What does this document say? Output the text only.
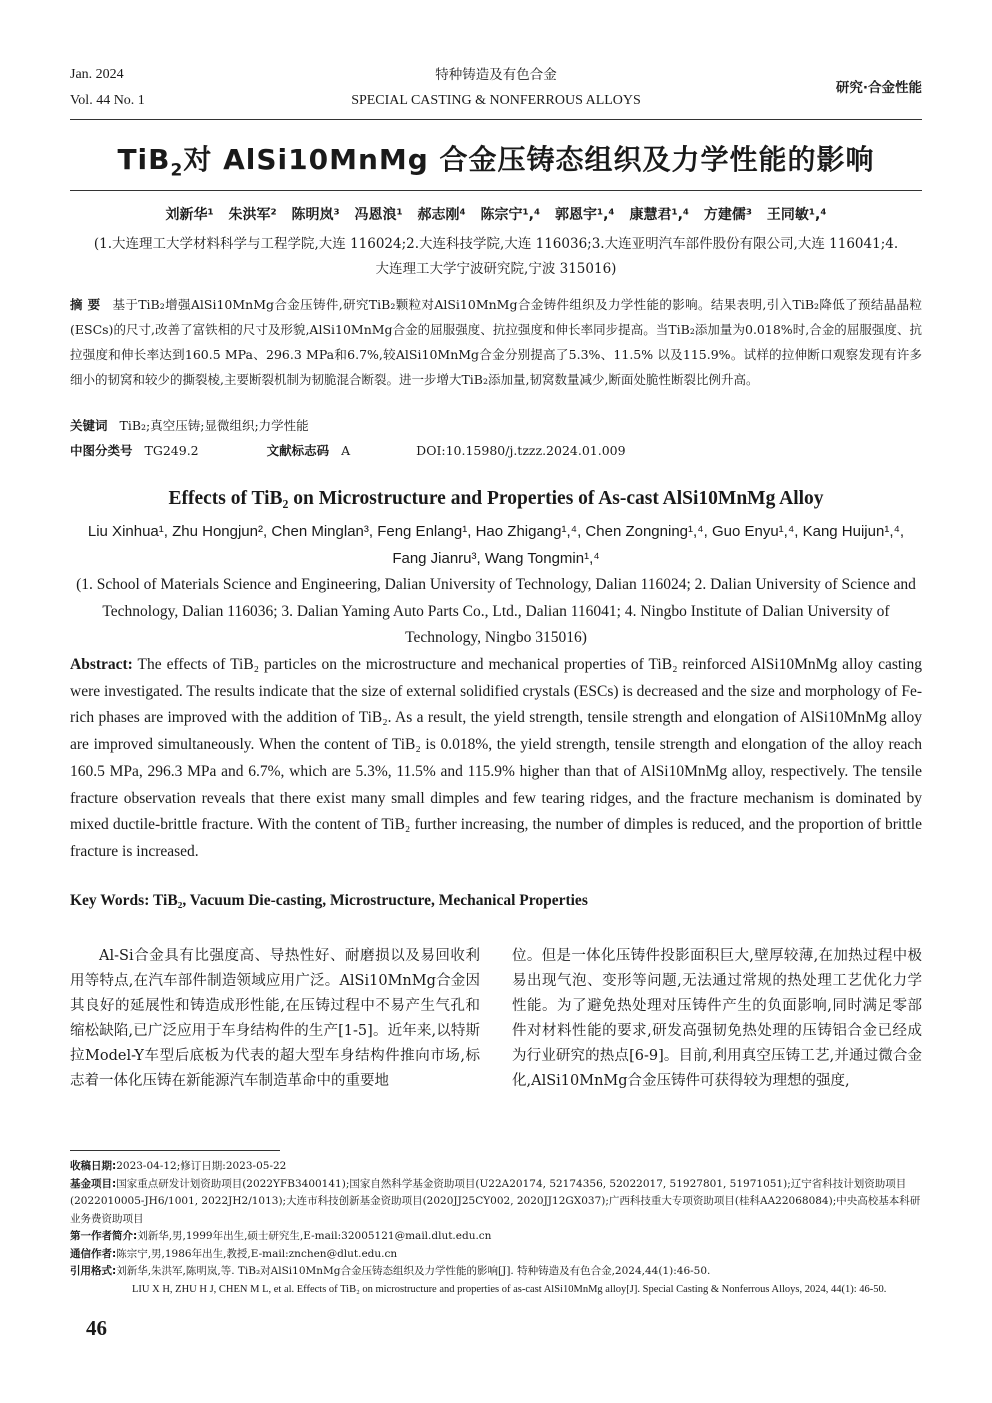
Jan. 2024
Vol. 44 No. 1
特种铸造及有色合金
SPECIAL CASTING & NONFERROUS ALLOYS
研究·合金性能
TiB$_2$对 AlSi10MnMg 合金压铸态组织及力学性能的影响
刘新华¹ 朱洪军² 陈明岚³ 冯恩浪¹ 郝志刚⁴ 陈宗宁¹,⁴ 郭恩宇¹,⁴ 康慧君¹,⁴ 方建儒³ 王同敏¹,⁴
(1.大连理工大学材料科学与工程学院,大连 116024;2.大连科技学院,大连 116036;3.大连亚明汽车部件股份有限公司,大连 116041;4.大连理工大学宁波研究院,宁波 315016)
摘 要 基于TiB₂增强AlSi10MnMg合金压铸件,研究TiB₂颗粒对AlSi10MnMg合金铸件组织及力学性能的影响。结果表明,引入TiB₂降低了预结晶晶粒(ESCs)的尺寸,改善了富铁相的尺寸及形貌,AlSi10MnMg合金的屈服强度、抗拉强度和伸长率同步提高。当TiB₂添加量为0.018%时,合金的屈服强度、抗拉强度和伸长率达到160.5 MPa、296.3 MPa和6.7%,较AlSi10MnMg合金分别提高了5.3%、11.5% 以及115.9%。试样的拉伸断口观察发现有许多细小的韧窝和较少的撕裂棱,主要断裂机制为韧脆混合断裂。进一步增大TiB₂添加量,韧窝数量减少,断面处脆性断裂比例升高。
关键词 TiB₂;真空压铸;显微组织;力学性能
中图分类号 TG249.2	文献标志码 A	DOI:10.15980/j.tzzz.2024.01.009
Effects of TiB₂ on Microstructure and Properties of As-cast AlSi10MnMg Alloy
Liu Xinhua¹, Zhu Hongjun², Chen Minglan³, Feng Enlang¹, Hao Zhigang¹,⁴, Chen Zongning¹,⁴, Guo Enyu¹,⁴, Kang Huijun¹,⁴, Fang Jianru³, Wang Tongmin¹,⁴
(1. School of Materials Science and Engineering, Dalian University of Technology, Dalian 116024; 2. Dalian University of Science and Technology, Dalian 116036; 3. Dalian Yaming Auto Parts Co., Ltd., Dalian 116041; 4. Ningbo Institute of Dalian University of Technology, Ningbo 315016)
Abstract: The effects of TiB₂ particles on the microstructure and mechanical properties of TiB₂ reinforced AlSi10MnMg alloy casting were investigated. The results indicate that the size of external solidified crystals (ESCs) is decreased and the size and morphology of Fe-rich phases are improved with the addition of TiB₂. As a result, the yield strength, tensile strength and elongation of AlSi10MnMg alloy are improved simultaneously. When the content of TiB₂ is 0.018%, the yield strength, tensile strength and elongation of the alloy reach 160.5 MPa, 296.3 MPa and 6.7%, which are 5.3%, 11.5% and 115.9% higher than that of AlSi10MnMg alloy, respectively. The tensile fracture observation reveals that there exist many small dimples and few tearing ridges, and the fracture mechanism is dominated by mixed ductile-brittle fracture. With the content of TiB₂ further increasing, the number of dimples is reduced, and the proportion of brittle fracture is increased.
Key Words: TiB₂, Vacuum Die-casting, Microstructure, Mechanical Properties
Al-Si合金具有比强度高、导热性好、耐磨损以及易回收利用等特点,在汽车部件制造领域应用广泛。AlSi10MnMg合金因其良好的延展性和铸造成形性能,在压铸过程中不易产生气孔和缩松缺陷,已广泛应用于车身结构件的生产[1-5]。近年来,以特斯拉Model-Y车型后底板为代表的超大型车身结构件推向市场,标志着一体化压铸在新能源汽车制造革命中的重要地
位。但是一体化压铸件投影面积巨大,壁厚较薄,在加热过程中极易出现气泡、变形等问题,无法通过常规的热处理工艺优化力学性能。为了避免热处理对压铸件产生的负面影响,同时满足零部件对材料性能的要求,研发高强韧免热处理的压铸铝合金已经成为行业研究的热点[6-9]。目前,利用真空压铸工艺,并通过微合金化,AlSi10MnMg合金压铸件可获得较为理想的强度,

收稿日期:2023-04-12;修订日期:2023-05-22

基金项目:国家重点研发计划资助项目(2022YFB3400141);国家自然科学基金资助项目(U22A20174, 52174356, 52022017, 51927801, 51971051);辽宁省科技计划资助项目(2022010005-JH6/1001, 2022JH2/1013);大连市科技创新基金资助项目(2020JJ25CY002, 2020JJ12GX037);广西科技重大专项资助项目(桂科AA22068084);中央高校基本科研业务费资助项目

第一作者简介:刘新华,男,1999年出生,硕士研究生,E-mail:32005121@mail.dlut.edu.cn

通信作者:陈宗宁,男,1986年出生,教授,E-mail:znchen@dlut.edu.cn

引用格式:刘新华,朱洪军,陈明岚,等. TiB₂对AlSi10MnMg合金压铸态组织及力学性能的影响[J]. 特种铸造及有色合金,2024,44(1):46-50.

LIU X H, ZHU H J, CHEN M L, et al. Effects of TiB₂ on microstructure and properties of as-cast AlSi10MnMg alloy[J]. Special Casting & Nonferrous Alloys, 2024, 44(1): 46-50.

46
